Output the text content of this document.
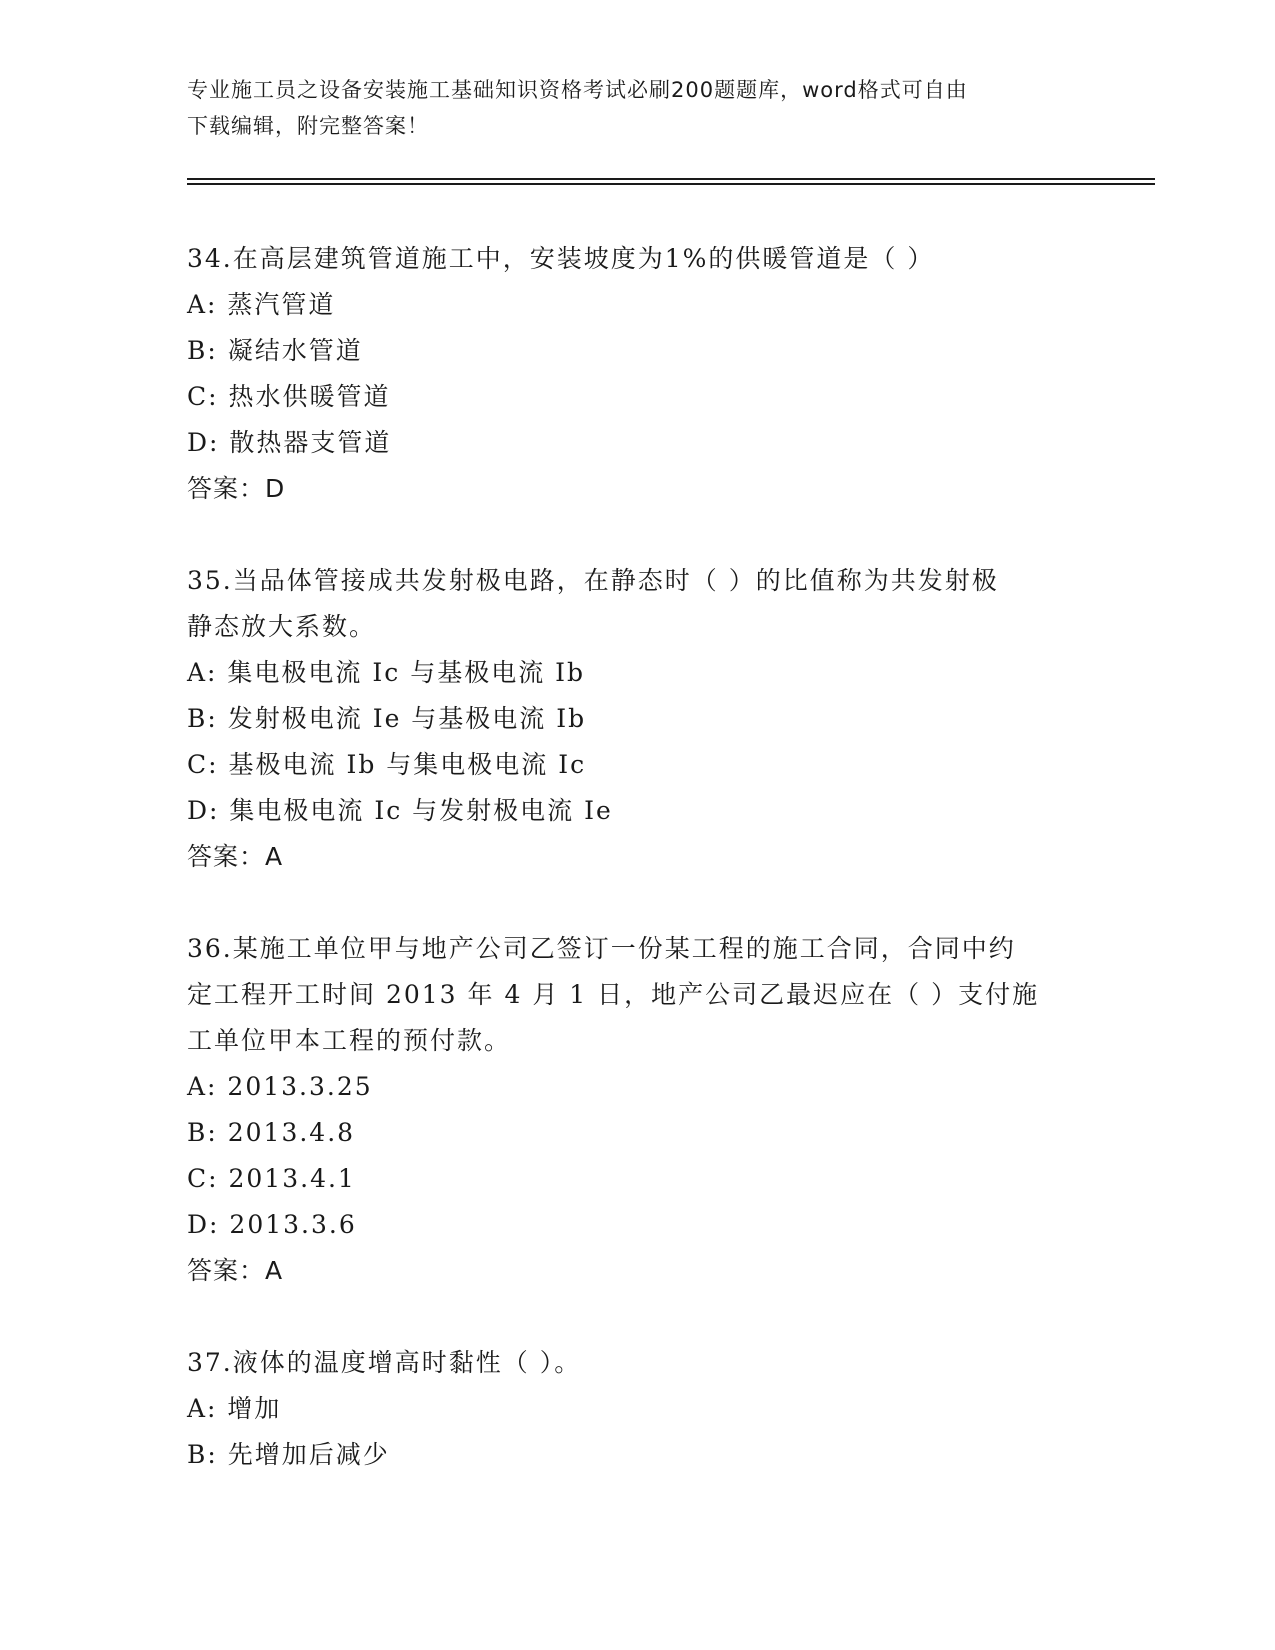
专业施工员之设备安装施工基础知识资格考试必刷200题题库，word格式可自由
下载编辑，附完整答案！
34.在高层建筑管道施工中，安装坡度为1%的供暖管道是（ ）
A: 蒸汽管道
B: 凝结水管道
C: 热水供暖管道
D: 散热器支管道
答案：D
35.当品体管接成共发射极电路，在静态时（ ）的比值称为共发射极
静态放大系数。
A: 集电极电流 Ic 与基极电流 Ib
B: 发射极电流 Ie 与基极电流 Ib
C: 基极电流 Ib 与集电极电流 Ic
D: 集电极电流 Ic 与发射极电流 Ie
答案：A
36.某施工单位甲与地产公司乙签订一份某工程的施工合同，合同中约
定工程开工时间 2013 年 4 月 1 日，地产公司乙最迟应在（ ）支付施
工单位甲本工程的预付款。
A: 2013.3.25
B: 2013.4.8
C: 2013.4.1
D: 2013.3.6
答案：A
37.液体的温度增高时黏性（ ）。
A: 增加
B: 先增加后减少
